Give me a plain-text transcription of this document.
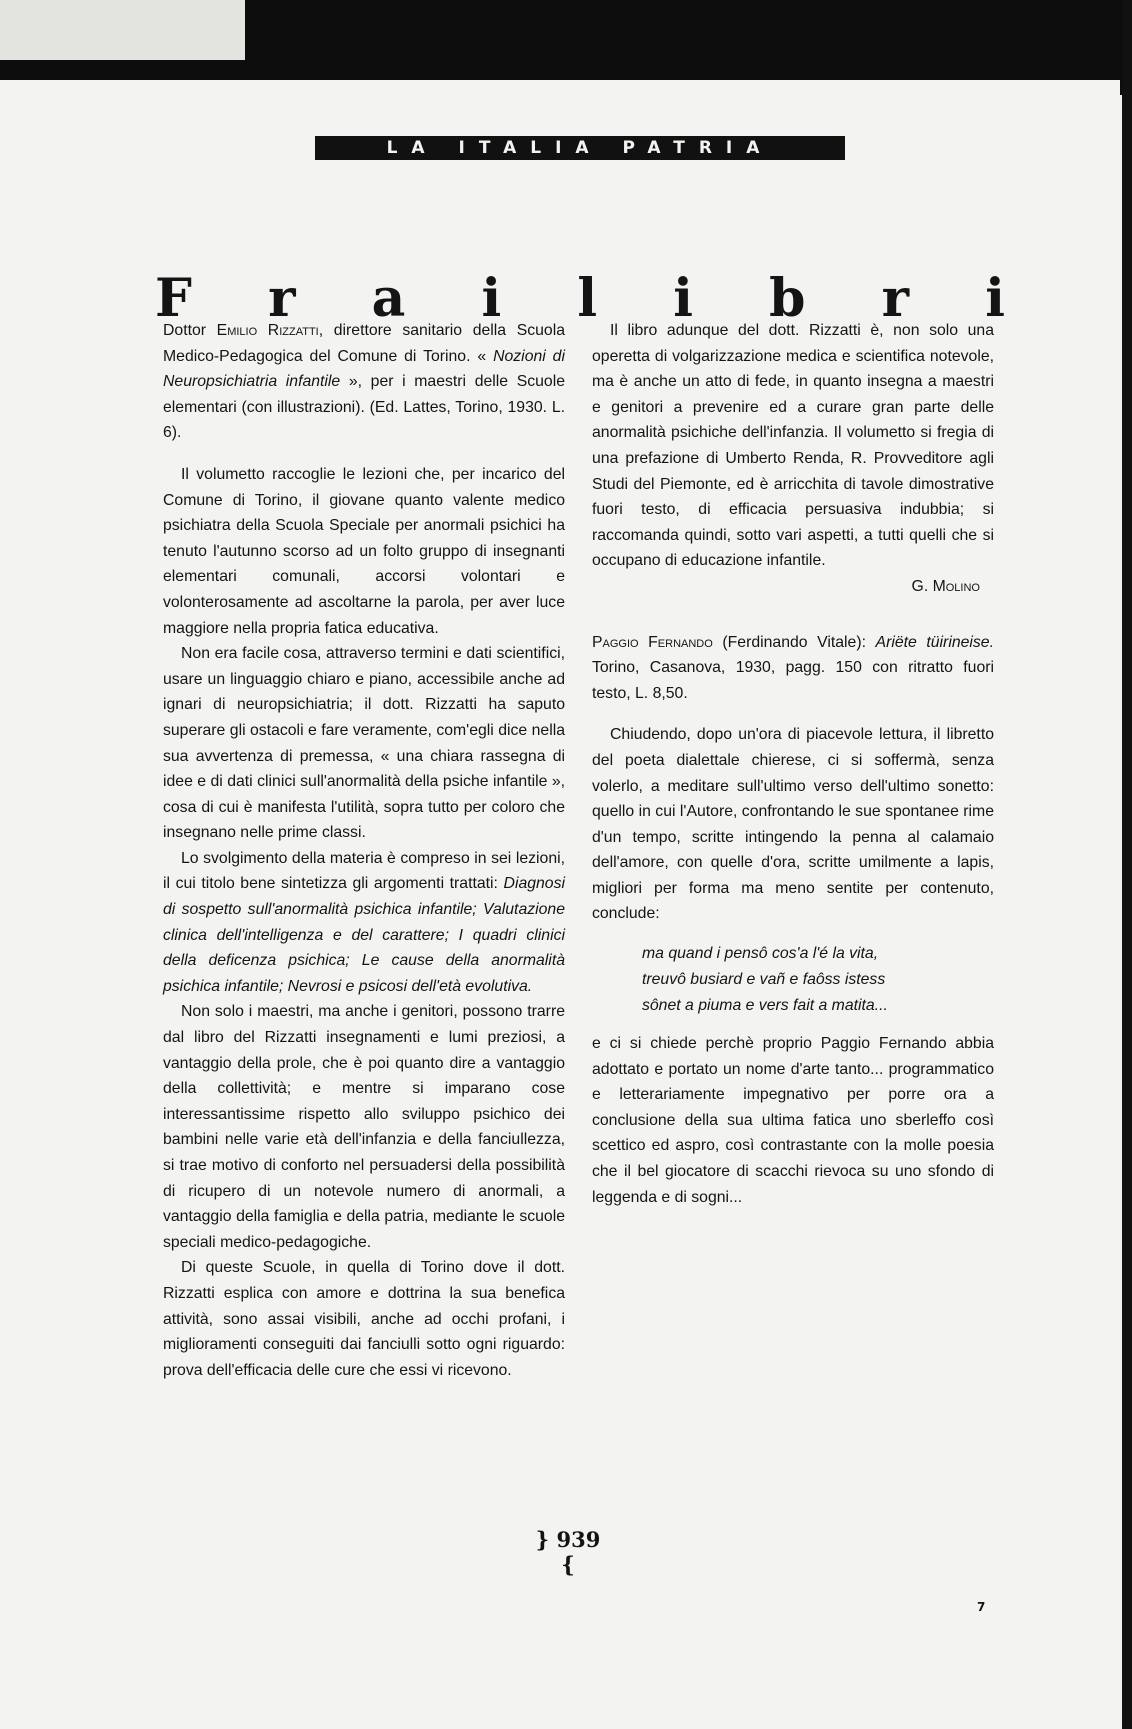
LA ITALIA PATRIA
F r a i l i b r i

Dottor Emilio Rizzatti, direttore sanitario della Scuola Medico-Pedagogica del Comune di Torino. « Nozioni di Neuropsichiatria infantile », per i maestri delle Scuole elementari (con illustrazioni). (Ed. Lattes, Torino, 1930. L. 6).

Il volumetto raccoglie le lezioni che, per incarico del Comune di Torino, il giovane quanto valente medico psichiatra della Scuola Speciale per anormali psichici ha tenuto l'autunno scorso ad un folto gruppo di insegnanti elementari comunali, accorsi volontari e volonterosamente ad ascoltarne la parola, per aver luce maggiore nella propria fatica educativa.

Non era facile cosa, attraverso termini e dati scientifici, usare un linguaggio chiaro e piano, accessibile anche ad ignari di neuropsichiatria; il dott. Rizzatti ha saputo superare gli ostacoli e fare veramente, com'egli dice nella sua avvertenza di premessa, « una chiara rassegna di idee e di dati clinici sull'anormalità della psiche infantile », cosa di cui è manifesta l'utilità, sopra tutto per coloro che insegnano nelle prime classi.

Lo svolgimento della materia è compreso in sei lezioni, il cui titolo bene sintetizza gli argomenti trattati: Diagnosi di sospetto sull'anormalità psichica infantile; Valutazione clinica dell'intelligenza e del carattere; I quadri clinici della deficenza psichica; Le cause della anormalità psichica infantile; Nevrosi e psicosi dell'età evolutiva.

Non solo i maestri, ma anche i genitori, possono trarre dal libro del Rizzatti insegnamenti e lumi preziosi, a vantaggio della prole, che è poi quanto dire a vantaggio della collettività; e mentre si imparano cose interessantissime rispetto allo sviluppo psichico dei bambini nelle varie età dell'infanzia e della fanciullezza, si trae motivo di conforto nel persuadersi della possibilità di ricupero di un notevole numero di anormali, a vantaggio della famiglia e della patria, mediante le scuole speciali medico-pedagogiche.

Di queste Scuole, in quella di Torino dove il dott. Rizzatti esplica con amore e dottrina la sua benefica attività, sono assai visibili, anche ad occhi profani, i miglioramenti conseguiti dai fanciulli sotto ogni riguardo: prova dell'efficacia delle cure che essi vi ricevono.

Il libro adunque del dott. Rizzatti è, non solo una operetta di volgarizzazione medica e scientifica notevole, ma è anche un atto di fede, in quanto insegna a maestri e genitori a prevenire ed a curare gran parte delle anormalità psichiche dell'infanzia. Il volumetto si fregia di una prefazione di Umberto Renda, R. Provveditore agli Studi del Piemonte, ed è arricchita di tavole dimostrative fuori testo, di efficacia persuasiva indubbia; si raccomanda quindi, sotto vari aspetti, a tutti quelli che si occupano di educazione infantile.

G. Molino

Paggio Fernando (Ferdinando Vitale): Ariëte tüirineise. Torino, Casanova, 1930, pagg. 150 con ritratto fuori testo, L. 8,50.

Chiudendo, dopo un'ora di piacevole lettura, il libretto del poeta dialettale chierese, ci si soffermà, senza volerlo, a meditare sull'ultimo verso dell'ultimo sonetto: quello in cui l'Autore, confrontando le sue spontanee rime d'un tempo, scritte intingendo la penna al calamaio dell'amore, con quelle d'ora, scritte umilmente a lapis, migliori per forma ma meno sentite per contenuto, conclude:

ma quand i pensô cos'a l'é la vita,
treuvô busiard e vañ e faôss istess
sônet a piuma e vers fait a matita...

e ci si chiede perchè proprio Paggio Fernando abbia adottato e portato un nome d'arte tanto... programmatico e letterariamente impegnativo per porre ora a conclusione della sua ultima fatica uno sberleffo così scettico ed aspro, così contrastante con la molle poesia che il bel giocatore di scacchi rievoca su uno sfondo di leggenda e di sogni...

} 939 {
7
